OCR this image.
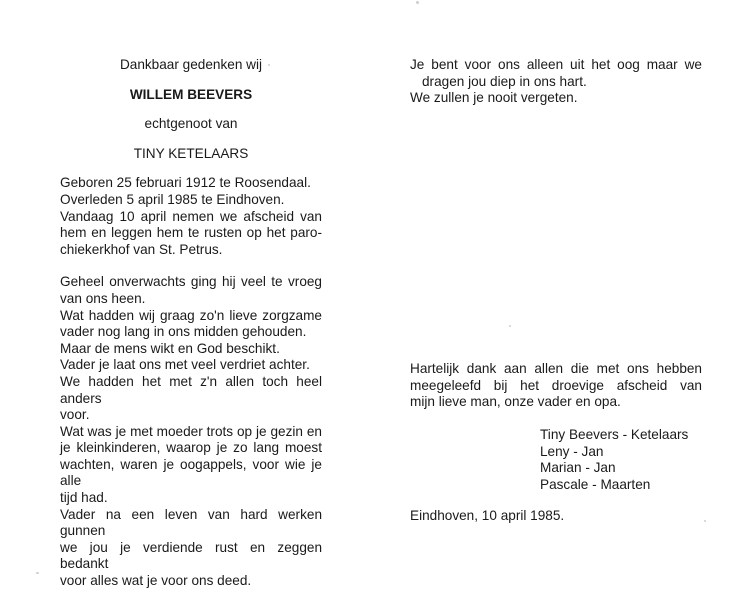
Dankbaar gedenken wij
WILLEM BEEVERS
echtgenoot van
TINY KETELAARS
Geboren 25 februari 1912 te Roosendaal.
Overleden 5 april 1985 te Eindhoven.
Vandaag 10 april nemen we afscheid van
hem en leggen hem te rusten op het paro-
chiekerkhof van St. Petrus.
Geheel onverwachts ging hij veel te vroeg
van ons heen.
Wat hadden wij graag zo'n lieve zorgzame
vader nog lang in ons midden gehouden.
Maar de mens wikt en God beschikt.
Vader je laat ons met veel verdriet achter.
We hadden het met z'n allen toch heel anders
voor.
Wat was je met moeder trots op je gezin en
je kleinkinderen, waarop je zo lang moest
wachten, waren je oogappels, voor wie je alle
tijd had.
Vader na een leven van hard werken gunnen
we jou je verdiende rust en zeggen bedankt
voor alles wat je voor ons deed.
Je bent voor ons alleen uit het oog maar we
dragen jou diep in ons hart.
We zullen je nooit vergeten.
Hartelijk dank aan allen die met ons hebben
meegeleefd bij het droevige afscheid van
mijn lieve man, onze vader en opa.
Tiny Beevers - Ketelaars
Leny - Jan
Marian - Jan
Pascale - Maarten
Eindhoven, 10 april 1985.
